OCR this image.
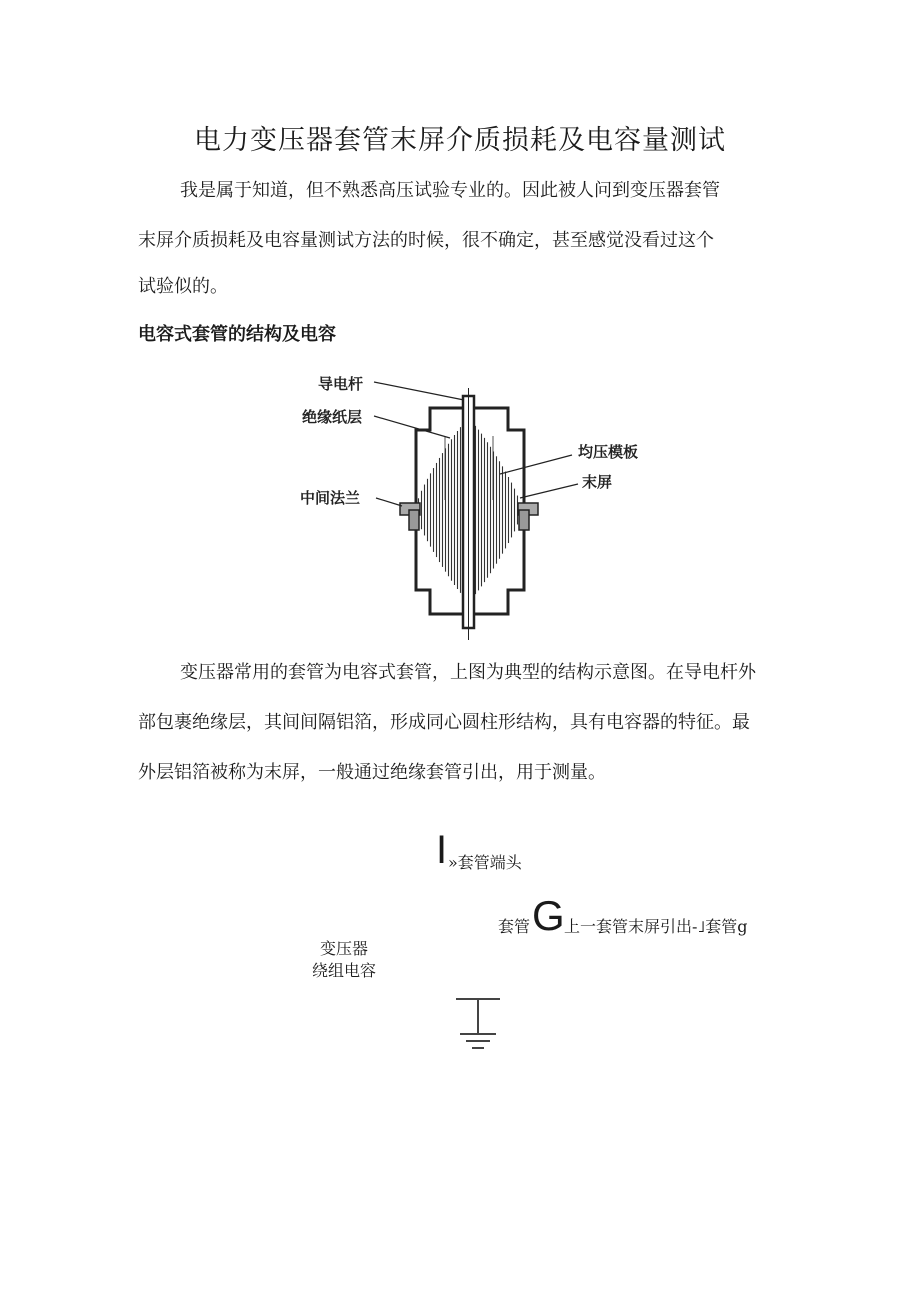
电力变压器套管末屏介质损耗及电容量测试
我是属于知道，但不熟悉高压试验专业的。因此被人问到变压器套管
末屏介质损耗及电容量测试方法的时候，很不确定，甚至感觉没看过这个
试验似的。
电容式套管的结构及电容
导电杆
绝缘纸层
均压模板
末屏
中间法兰
变压器常用的套管为电容式套管，上图为典型的结构示意图。在导电杆外
部包裹绝缘层，其间间隔铝箔，形成同心圆柱形结构，具有电容器的特征。最
外层铝箔被称为末屏，一般通过绝缘套管引出，用于测量。
I »套管端头
套管 G 上一套管末屏引出-˩套管g
变压器
绕组电容
